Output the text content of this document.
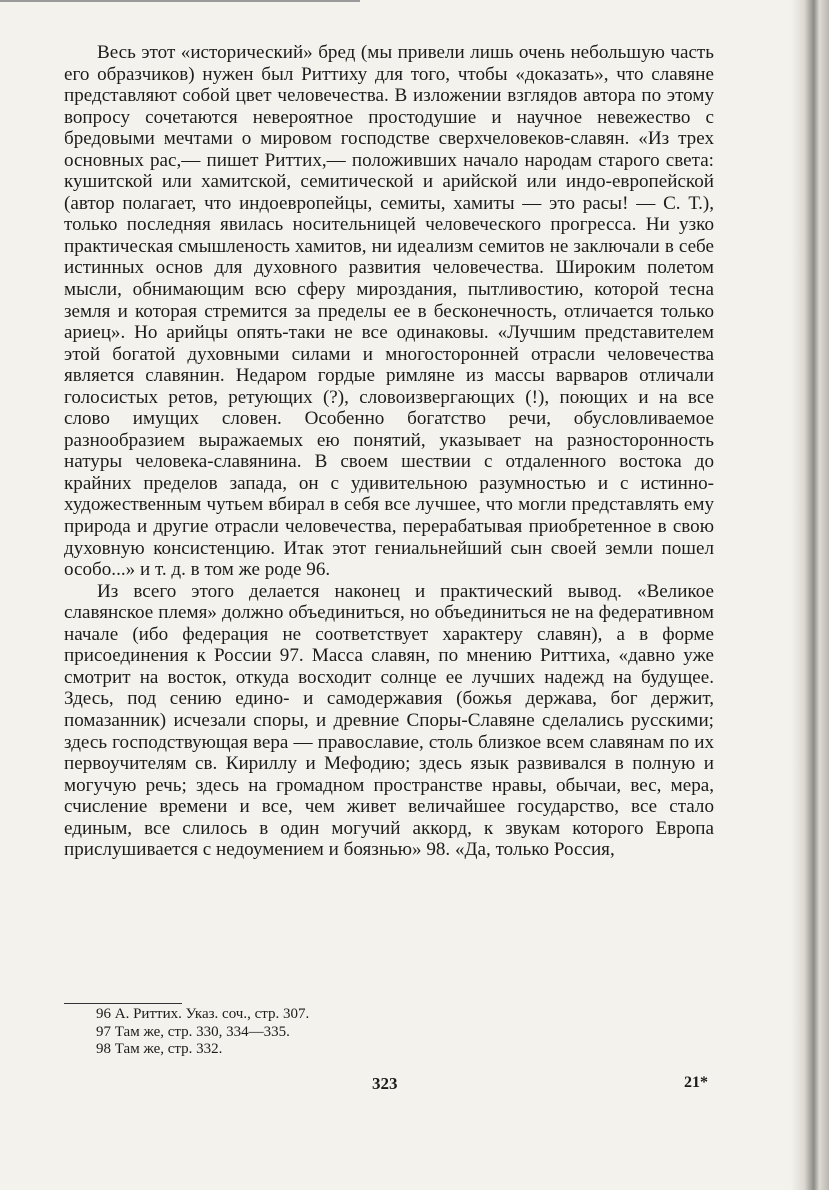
Весь этот «исторический» бред (мы привели лишь очень небольшую часть его образчиков) нужен был Риттиху для того, чтобы «доказать», что славяне представляют собой цвет человечества. В изложении взглядов автора по этому вопросу сочетаются невероятное простодушие и научное невежество с бредовыми мечтами о мировом господстве сверхчеловеков-славян. «Из трех основных рас,— пишет Риттих,— положивших начало народам старого света: кушитской или хамитской, семитической и арийской или индо-европейской (автор полагает, что индоевропейцы, семиты, хамиты — это расы! — С. Т.), только последняя явилась носительницей человеческого прогресса. Ни узко практическая смышленость хамитов, ни идеализм семитов не заключали в себе истинных основ для духовного развития человечества. Широким полетом мысли, обнимающим всю сферу мироздания, пытливостию, которой тесна земля и которая стремится за пределы ее в бесконечность, отличается только ариец». Но арийцы опять-таки не все одинаковы. «Лучшим представителем этой богатой духовными силами и многосторонней отрасли человечества является славянин. Недаром гордые римляне из массы варваров отличали голосистых ретов, ретующих (?), словоизвергающих (!), поющих и на все слово имущих словен. Особенно богатство речи, обусловливаемое разнообразием выражаемых ею понятий, указывает на разносторонность натуры человека-славянина. В своем шествии с отдаленного востока до крайних пределов запада, он с удивительною разумностью и с истинно-художественным чутьем вбирал в себя все лучшее, что могли представлять ему природа и другие отрасли человечества, перерабатывая приобретенное в свою духовную консистенцию. Итак этот гениальнейший сын своей земли пошел особо...» и т. д. в том же роде 96.

Из всего этого делается наконец и практический вывод. «Великое славянское племя» должно объединиться, но объединиться не на федеративном начале (ибо федерация не соответствует характеру славян), а в форме присоединения к России 97. Масса славян, по мнению Риттиха, «давно уже смотрит на восток, откуда восходит солнце ее лучших надежд на будущее. Здесь, под сению едино- и самодержавия (божья держава, бог держит, помазанник) исчезали споры, и древние Споры-Славяне сделались русскими; здесь господствующая вера — православие, столь близкое всем славянам по их первоучителям св. Кириллу и Мефодию; здесь язык развивался в полную и могучую речь; здесь на громадном пространстве нравы, обычаи, вес, мера, счисление времени и все, чем живет величайшее государство, все стало единым, все слилось в один могучий аккорд, к звукам которого Европа прислушивается с недоумением и боязнью» 98. «Да, только Россия,

96 А. Риттих. Указ. соч., стр. 307.
97 Там же, стр. 330, 334—335.
98 Там же, стр. 332.
323	21*
